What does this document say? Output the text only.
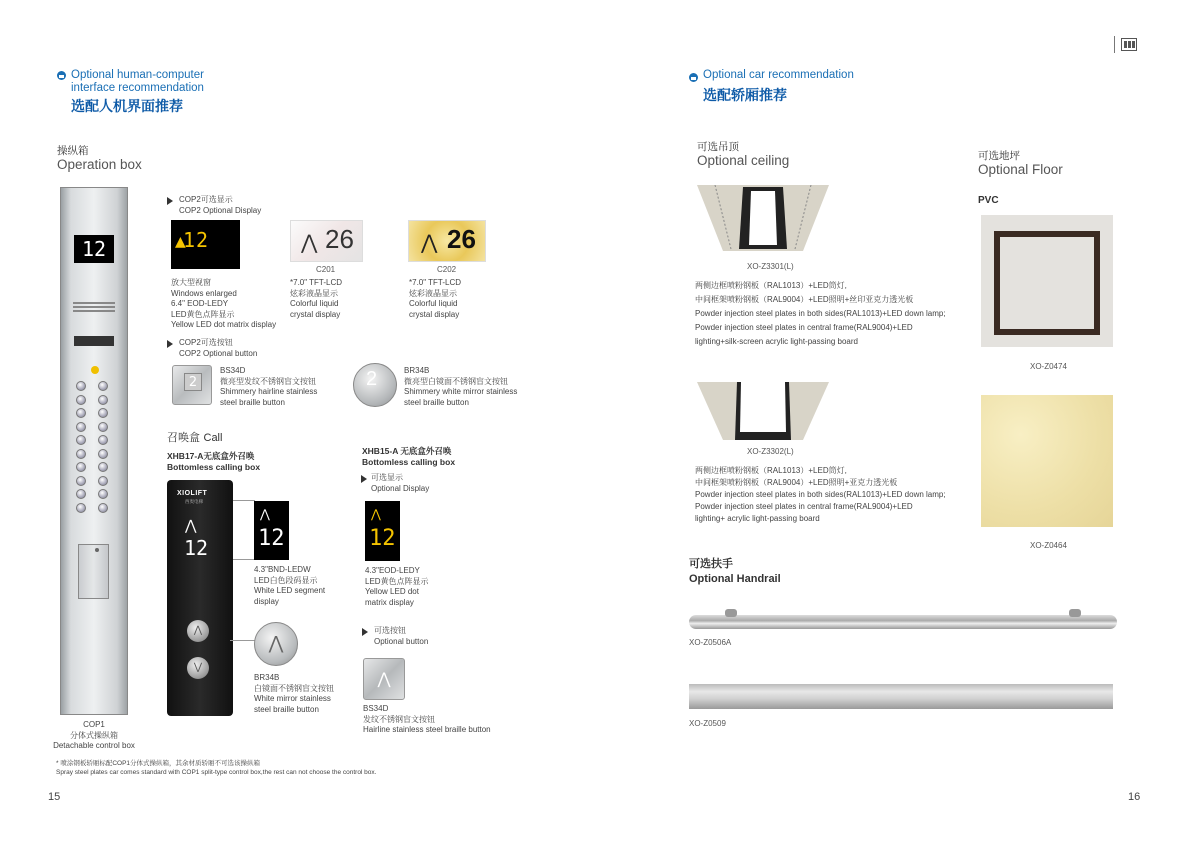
Optional human-computer
interface recommendation
选配人机界面推荐
操纵箱
Operation box
12
COP1
分体式操纵箱
Detachable control box
COP2可选显示
COP2 Optional Display
12
▲	⋀ 26
C201
⋀ 26
C202
放大型视窗
Windows enlarged
6.4" EOD-LEDY
LED黄色点阵显示
Yellow LED dot matrix display
*7.0" TFT-LCD
炫彩液晶显示
Colorful liquid
crystal display
*7.0" TFT-LCD
炫彩液晶显示
Colorful liquid
crystal display
COP2可选按钮
COP2 Optional button
2
BS34D
微亮型发纹不锈钢盲文按钮
Shimmery hairline stainless
steel braille button
2	BR34B
微亮型白镜面不锈钢盲文按钮
Shimmery white mirror stainless
steel braille button
召唤盒 Call
XHB17-A无底盒外召唤
Bottomless calling box
XHB15-A 无底盒外召唤
Bottomless calling box
XIOLIFT
西奥电梯
⋀
12
⋀
⋁
⋀
12
4.3"BND-LEDW
LED白色段码显示
White LED segment
display
⋀
BR34B
白镜面不锈钢盲文按钮
White mirror stainless
steel braille button
可选显示
Optional Display
⋀
12
4.3"EOD-LEDY
LED黄色点阵显示
Yellow LED dot
matrix display
可选按钮
Optional button
⋀
BS34D
发纹不锈钢盲文按钮
Hairline stainless steel braille button
* 喷涂钢板轿厢标配COP1分体式操纵箱，其余材质轿厢不可选该操纵箱
Spray steel plates car comes standard with COP1 split-type control box,the rest can not choose the control box.
15
Optional car recommendation
选配轿厢推荐
可选吊顶
Optional ceiling
XO-Z3301(L)
两侧边框喷粉钢板（RAL1013）+LED筒灯,
中间框架喷粉钢板（RAL9004）+LED照明+丝印亚克力透光板
Powder injection steel plates in both sides(RAL1013)+LED down lamp;
Powder injection steel plates in central frame(RAL9004)+LED
lighting+silk-screen acrylic light-passing board
XO-Z3302(L)
两侧边框喷粉钢板（RAL1013）+LED筒灯,
中间框架喷粉钢板（RAL9004）+LED照明+亚克力透光板
Powder injection steel plates in both sides(RAL1013)+LED down lamp;
Powder injection steel plates in central frame(RAL9004)+LED
lighting+ acrylic light-passing board
可选地坪
Optional Floor
PVC
XO-Z0474
XO-Z0464
可选扶手
Optional Handrail
XO-Z0506A
XO-Z0509
16
